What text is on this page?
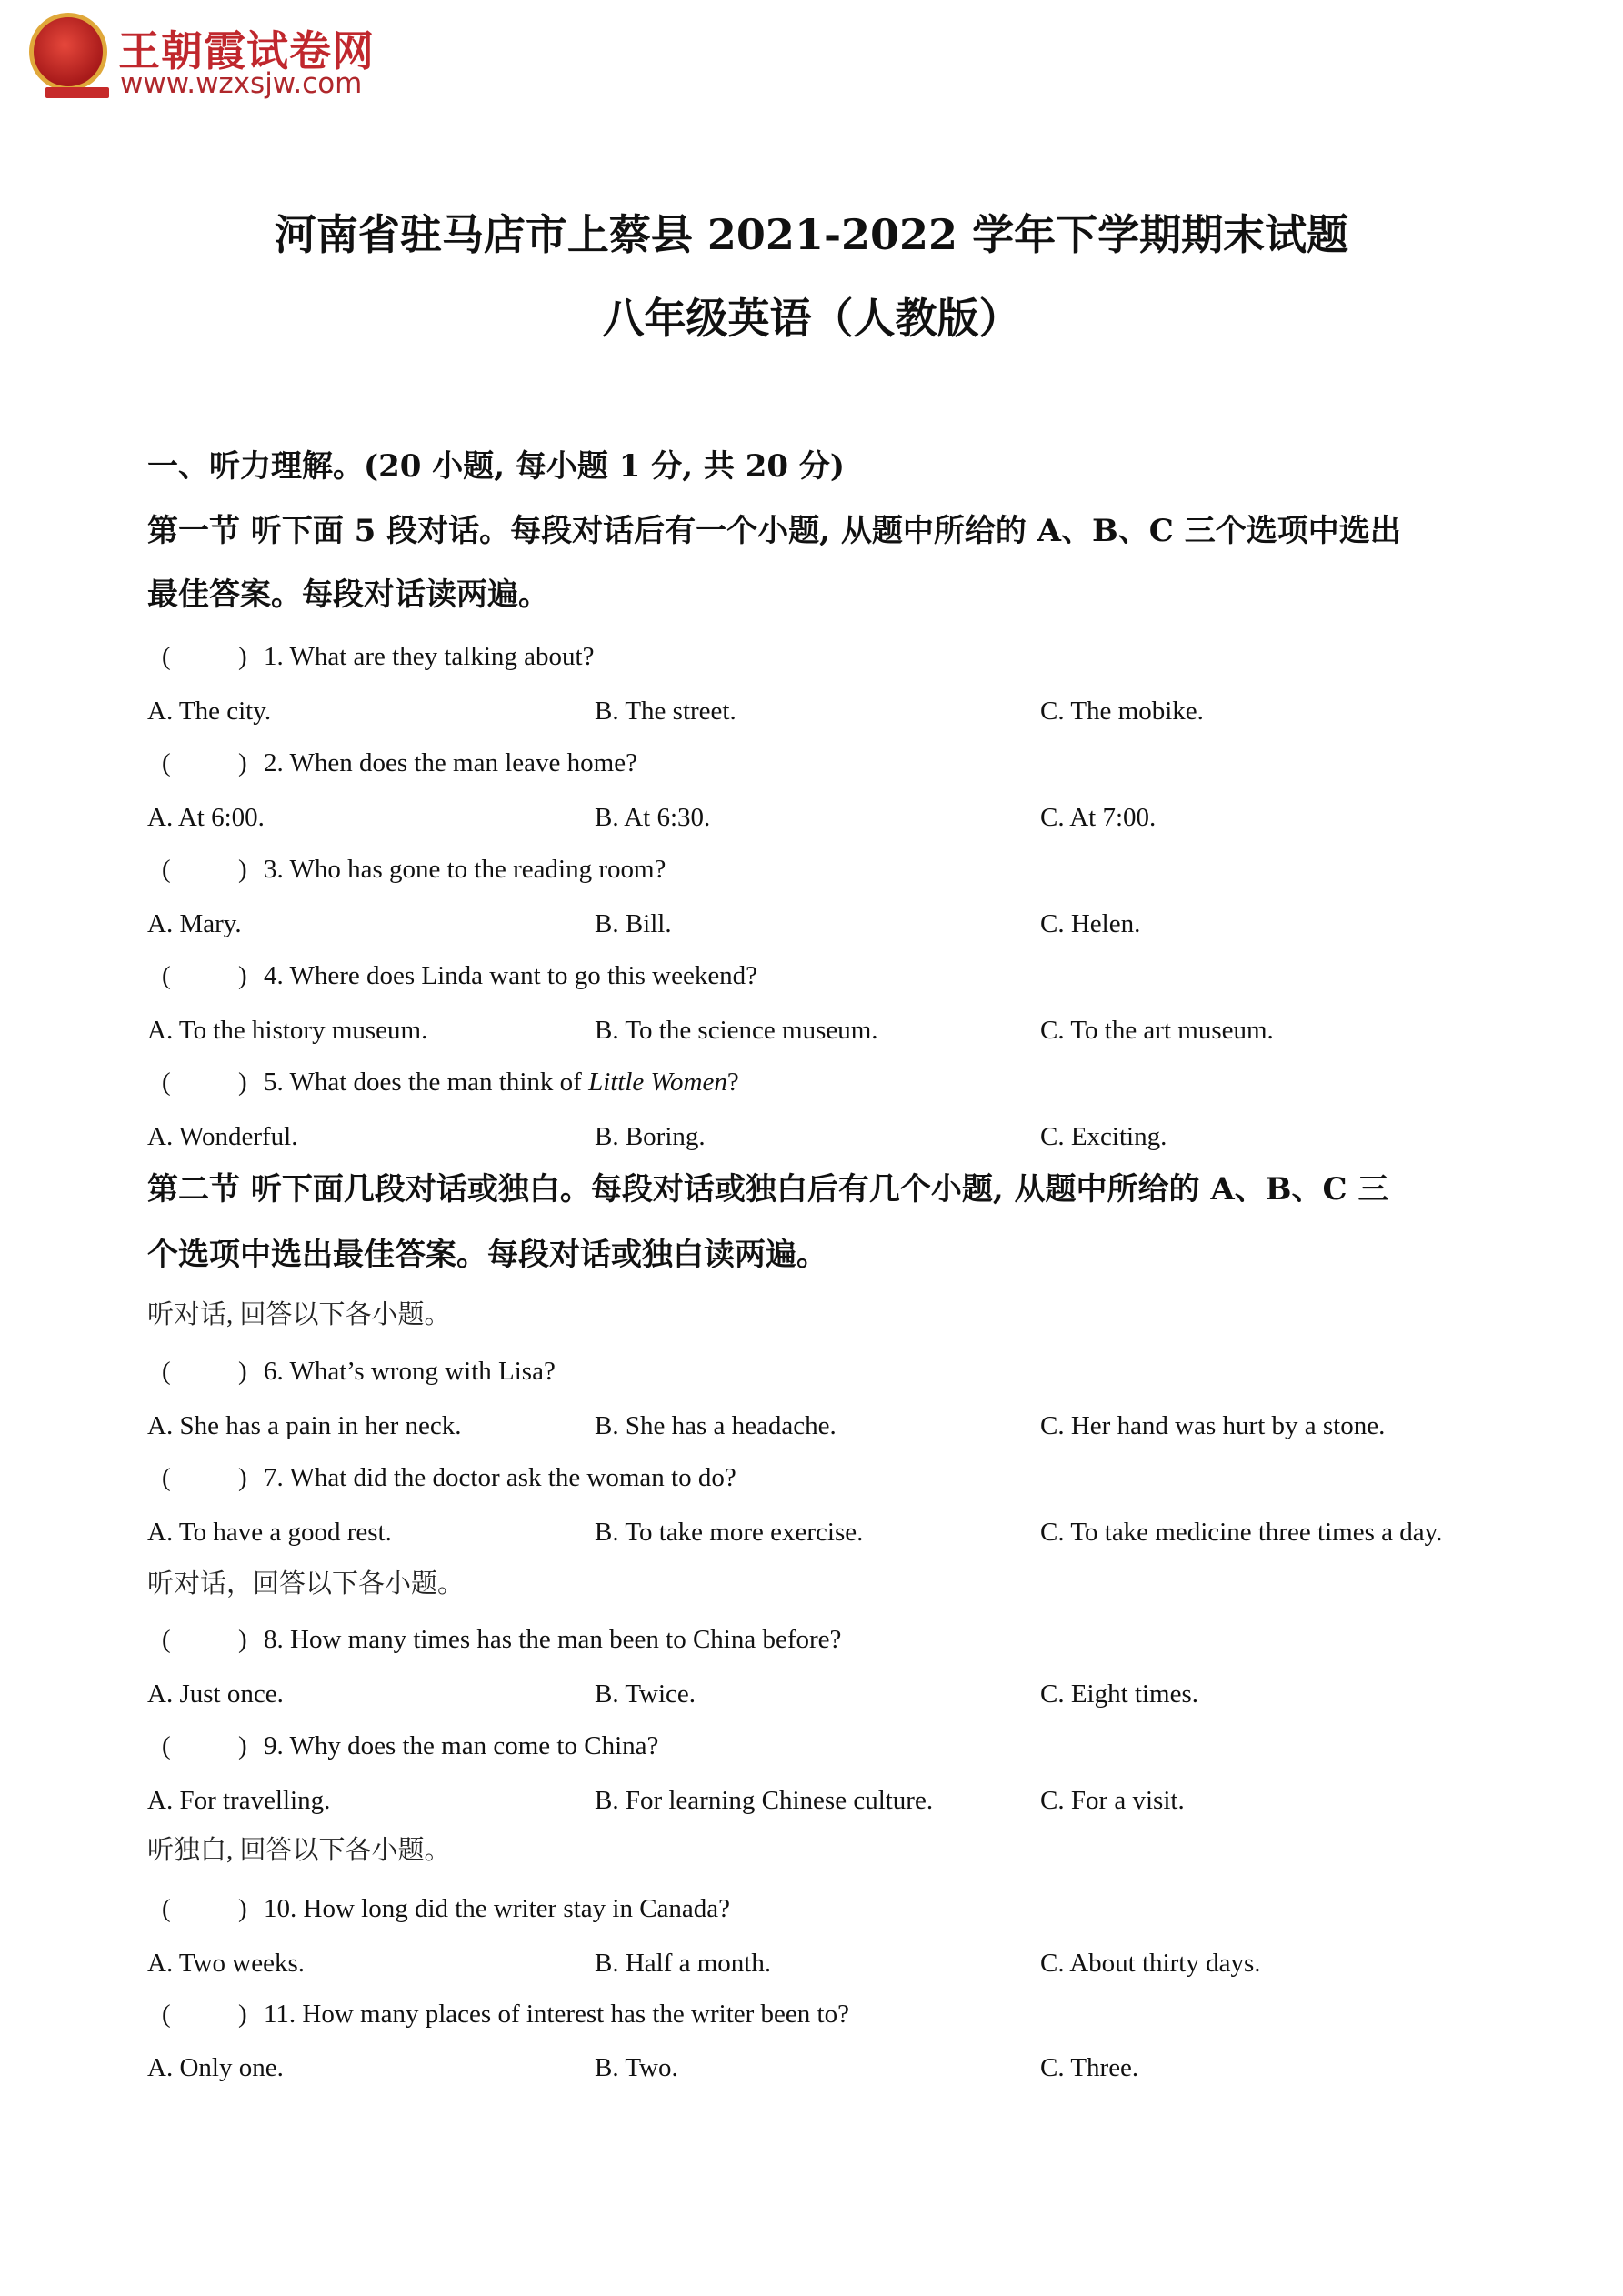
王朝霞试卷网
www.wzxsjw.com
河南省驻马店市上蔡县 2021-2022 学年下学期期末试题
八年级英语（人教版）
一、听力理解。(20 小题, 每小题 1 分, 共 20 分)
第一节 听下面 5 段对话。每段对话后有一个小题, 从题中所给的 A、B、C 三个选项中选出
最佳答案。每段对话读两遍。
(	) 1. What are they talking about?
A. The city.	B. The street.	C. The mobike.
(	) 2. When does the man leave home?
A. At 6:00.	B. At 6:30.	C. At 7:00.
(	) 3. Who has gone to the reading room?
A. Mary.	B. Bill.	C. Helen.
(	) 4. Where does Linda want to go this weekend?
A. To the history museum.	B. To the science museum.	C. To the art museum.
(	) 5. What does the man think of Little Women?
A. Wonderful.	B. Boring.	C. Exciting.
第二节 听下面几段对话或独白。每段对话或独白后有几个小题, 从题中所给的 A、B、C 三
个选项中选出最佳答案。每段对话或独白读两遍。
听对话, 回答以下各小题。
(	) 6. What’s wrong with Lisa?
A. She has a pain in her neck.	B. She has a headache.	C. Her hand was hurt by a stone.
(	) 7. What did the doctor ask the woman to do?
A. To have a good rest.	B. To take more exercise.	C. To take medicine three times a day.
听对话，回答以下各小题。
(	) 8. How many times has the man been to China before?
A. Just once.	B. Twice.	C. Eight times.
(	) 9. Why does the man come to China?
A. For travelling.	B. For learning Chinese culture.	C. For a visit.
听独白, 回答以下各小题。
(	) 10. How long did the writer stay in Canada?
A. Two weeks.	B. Half a month.	C. About thirty days.
(	) 11. How many places of interest has the writer been to?
A. Only one.	B. Two.	C. Three.
